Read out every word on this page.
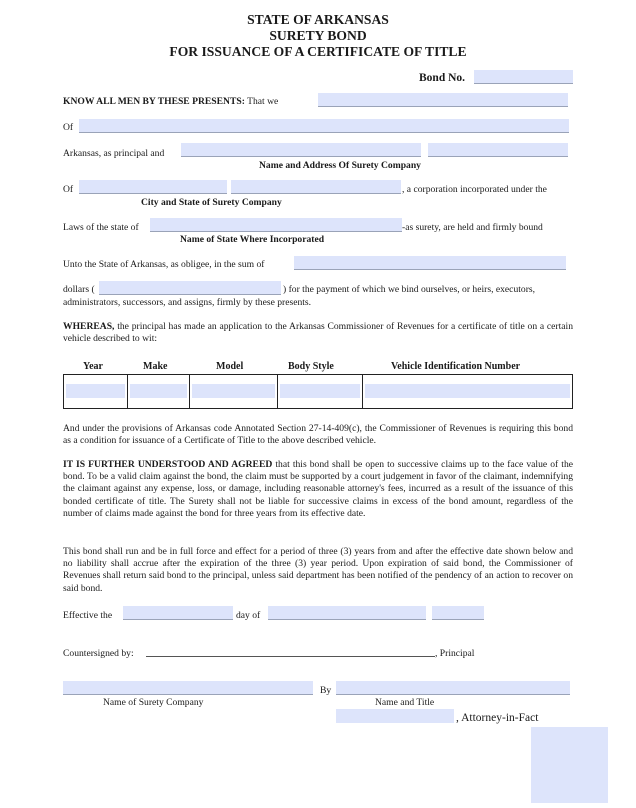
STATE OF ARKANSAS
SURETY BOND
FOR ISSUANCE OF A CERTIFICATE OF TITLE
Bond No.
KNOW ALL MEN BY THESE PRESENTS: That we
Of
Arkansas, as principal and
Name and Address Of Surety Company
Of	, a corporation incorporated under the
City and State of Surety Company
Laws of the state of	-as surety, are held and firmly bound
Name of State Where Incorporated
Unto the State of Arkansas, as obligee, in the sum of
dollars (	) for the payment of which we bind ourselves, or heirs, executors,
administrators, successors, and assigns, firmly by these presents.
WHEREAS, the principal has made an application to the Arkansas Commissioner of Revenues for a certificate of title on a certain vehicle described to wit:
Year	Make	Model	Body Style	Vehicle Identification Number

And under the provisions of Arkansas code Annotated Section 27-14-409(c), the Commissioner of Revenues is requiring this bond as a condition for issuance of a Certificate of Title to the above described vehicle.
IT IS FURTHER UNDERSTOOD AND AGREED that this bond shall be open to successive claims up to the face value of the bond. To be a valid claim against the bond, the claim must be supported by a court judgement in favor of the claimant, indemnifying the claimant against any expense, loss, or damage, including reasonable attorney's fees, incurred as a result of the issuance of this bonded certificate of title. The Surety shall not be liable for successive claims in excess of the bond amount, regardless of the number of claims made against the bond for three years from its effective date.
This bond shall run and be in full force and effect for a period of three (3) years from and after the effective date shown below and no liability shall accrue after the expiration of the three (3) year period. Upon expiration of said bond, the Commissioner of Revenues shall return said bond to the principal, unless said department has been notified of the pendency of an action to recover on said bond.
Effective the	day of
Countersigned by:	, Principal
By
Name of Surety Company	Name and Title
, Attorney-in-Fact
